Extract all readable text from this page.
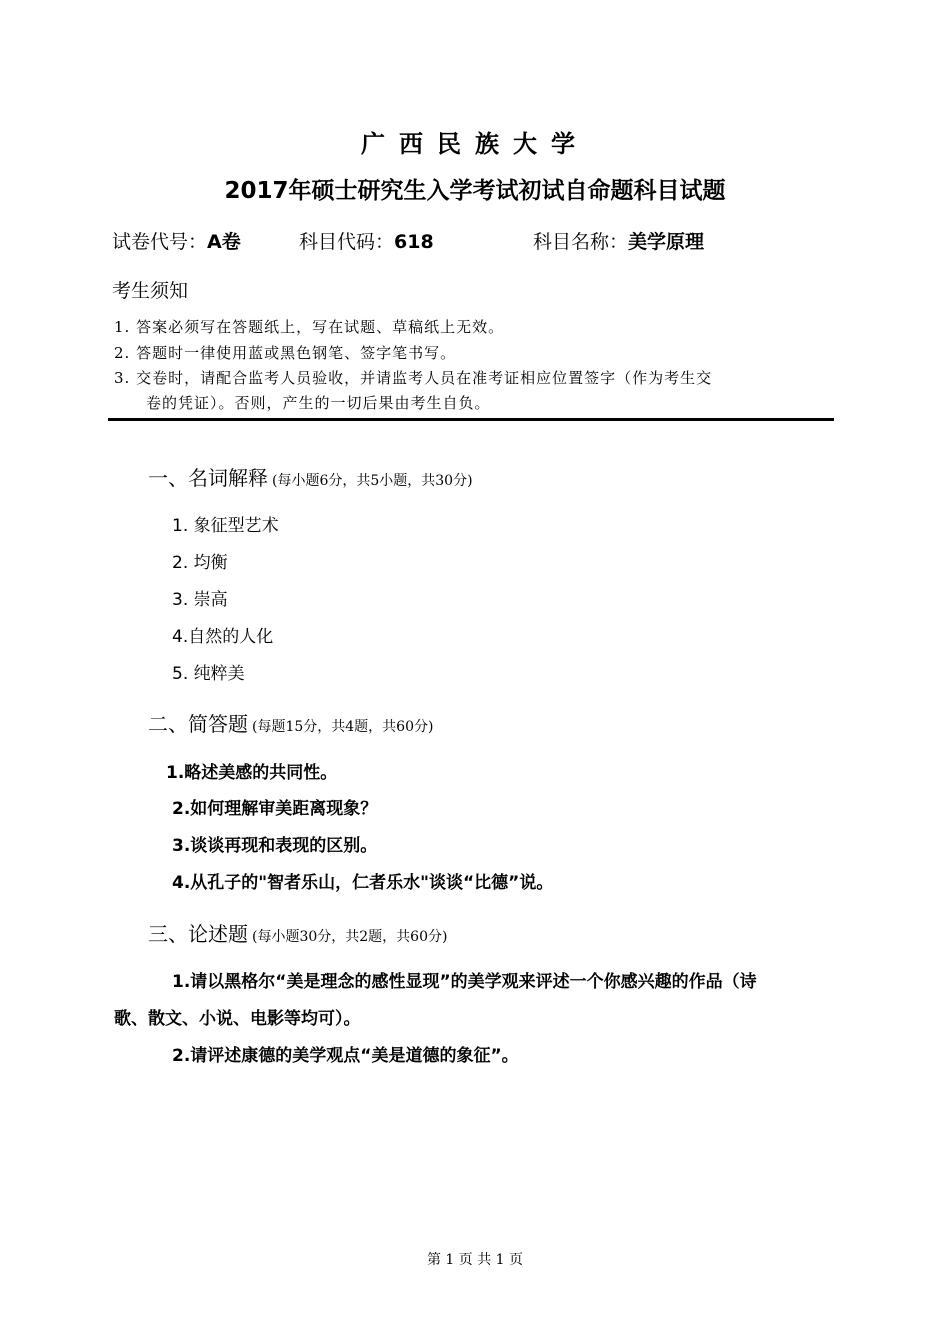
广西民族大学
2017年硕士研究生入学考试初试自命题科目试题
试卷代号：A卷	科目代码：618	科目名称：美学原理
考生须知
1. 答案必须写在答题纸上，写在试题、草稿纸上无效。
2. 答题时一律使用蓝或黑色钢笔、签字笔书写。
3. 交卷时，请配合监考人员验收，并请监考人员在准考证相应位置签字（作为考生交
卷的凭证）。否则，产生的一切后果由考生自负。
一、名词解释 (每小题6分，共5小题，共30分)
1. 象征型艺术
2. 均衡
3. 崇高
4.自然的人化
5. 纯粹美
二、简答题 (每题15分，共4题，共60分)
1.略述美感的共同性。
2.如何理解审美距离现象？
3.谈谈再现和表现的区别。
4.从孔子的"智者乐山，仁者乐水"谈谈“比德”说。
三、论述题 (每小题30分，共2题，共60分)
1.请以黑格尔“美是理念的感性显现”的美学观来评述一个你感兴趣的作品（诗
歌、散文、小说、电影等均可）。
2.请评述康德的美学观点“美是道德的象征”。
第 1 页 共 1 页
